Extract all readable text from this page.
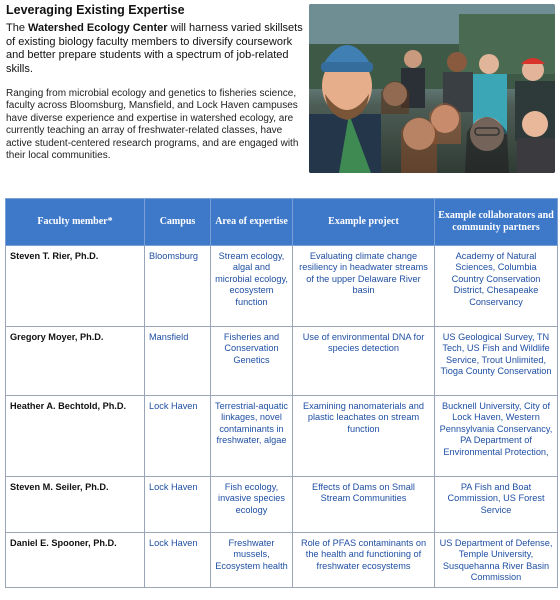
Leveraging Existing Expertise
The Watershed Ecology Center will harness varied skillsets of existing biology faculty members to diversify coursework and better prepare students with a spectrum of job-related skills.
Ranging from microbial ecology and genetics to fisheries science, faculty across Bloomsburg, Mansfield, and Lock Haven campuses have diverse experience and expertise in watershed ecology, are currently teaching an array of freshwater-related classes, have active student-centered research programs, and are engaged with their local communities.
Faculty member*	Campus	Area of expertise	Example project	Example collaborators and community partners
Steven T. Rier, Ph.D.	Bloomsburg	Stream ecology, algal and microbial ecology, ecosystem function	Evaluating climate change resiliency in headwater streams of the upper Delaware River basin	Academy of Natural Sciences, Columbia Country Conservation District, Chesapeake Conservancy
Gregory Moyer, Ph.D.	Mansfield	Fisheries and Conservation Genetics	Use of environmental DNA for species detection	US Geological Survey, TN Tech, US Fish and Wildlife Service, Trout Unlimited, Tioga County Conservation
Heather A. Bechtold, Ph.D.	Lock Haven	Terrestrial-aquatic linkages, novel contaminants in freshwater, algae	Examining nanomaterials and plastic leachates on stream function	Bucknell University, City of Lock Haven, Western Pennsylvania Conservancy, PA Department of Environmental Protection,
Steven M. Seiler, Ph.D.	Lock Haven	Fish ecology, invasive species ecology	Effects of Dams on Small Stream Communities	PA Fish and Boat Commission, US Forest Service
Daniel E. Spooner, Ph.D.	Lock Haven	Freshwater mussels, Ecosystem health	Role of PFAS contaminants on the health and functioning of freshwater ecosystems	US Department of Defense, Temple University, Susquehanna River Basin Commission
